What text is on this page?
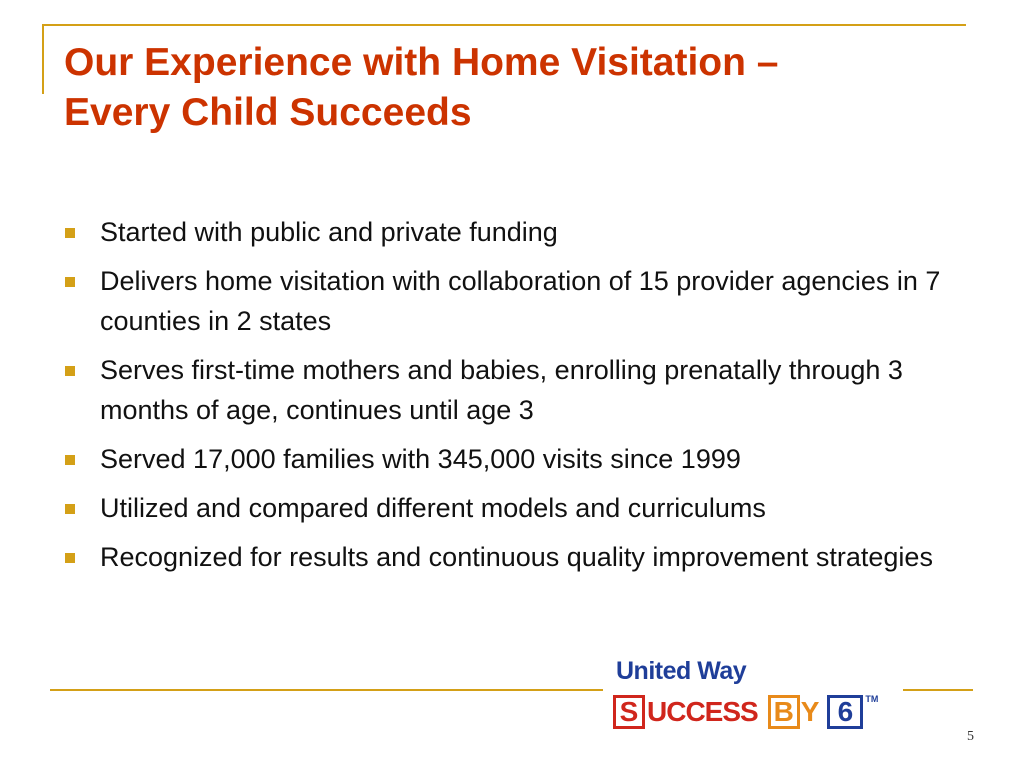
Our Experience with Home Visitation –
Every Child Succeeds
Started with public and private funding
Delivers home visitation with collaboration of 15 provider agencies in 7 counties in 2 states
Serves first-time mothers and babies, enrolling prenatally through 3 months of age, continues until age 3
Served 17,000 families with 345,000 visits since 1999
Utilized and compared different models and curriculums
Recognized for results and continuous quality improvement strategies
United Way
S UCCESS B Y 6	TM
5
